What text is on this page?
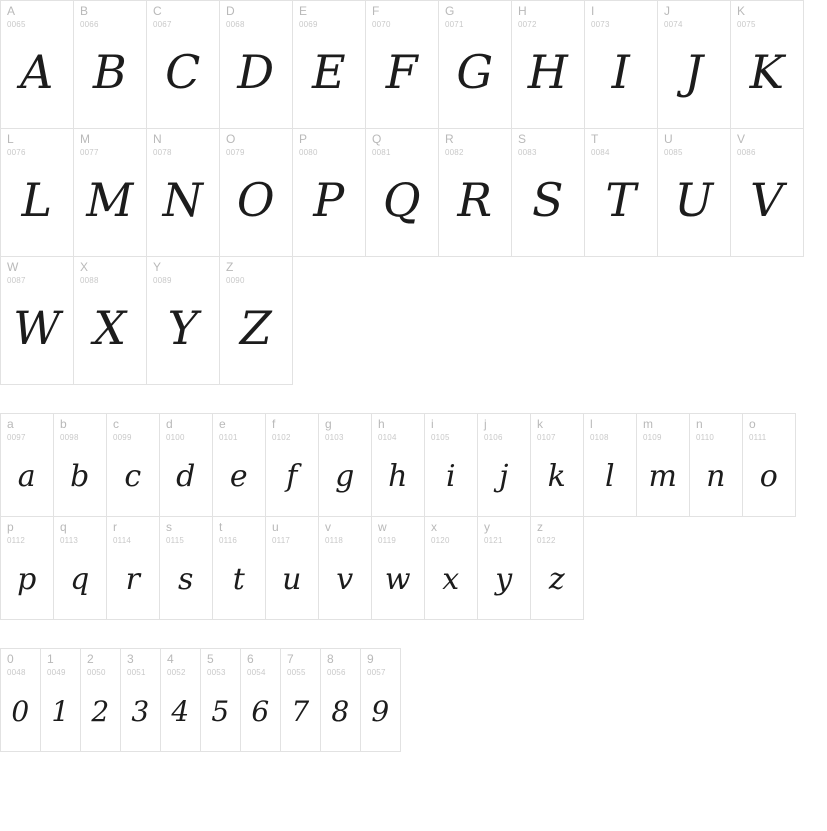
A
0065
A
B
0066
B
C
0067
C
D
0068
D
E
0069
E
F
0070
F
G
0071
G
H
0072
H
I
0073
I
J
0074
J
K
0075
K
L
0076
L
M
0077
M
N
0078
N
O
0079
O
P
0080
P
Q
0081
Q
R
0082
R
S
0083
S
T
0084
T
U
0085
U
V
0086
V
W
0087
W
X
0088
X
Y
0089
Y
Z
0090
Z
a
0097
a
b
0098
b
c
0099
c
d
0100
d
e
0101
e
f
0102
f
g
0103
g
h
0104
h
i
0105
i
j
0106
j
k
0107
k
l
0108
l
m
0109
m
n
0110
n
o
0111
o
p
0112
p
q
0113
q
r
0114
r
s
0115
s
t
0116
t
u
0117
u
v
0118
v
w
0119
w
x
0120
x
y
0121
y
z
0122
z
0
0048
0
1
0049
1
2
0050
2
3
0051
3
4
0052
4
5
0053
5
6
0054
6
7
0055
7
8
0056
8
9
0057
9
